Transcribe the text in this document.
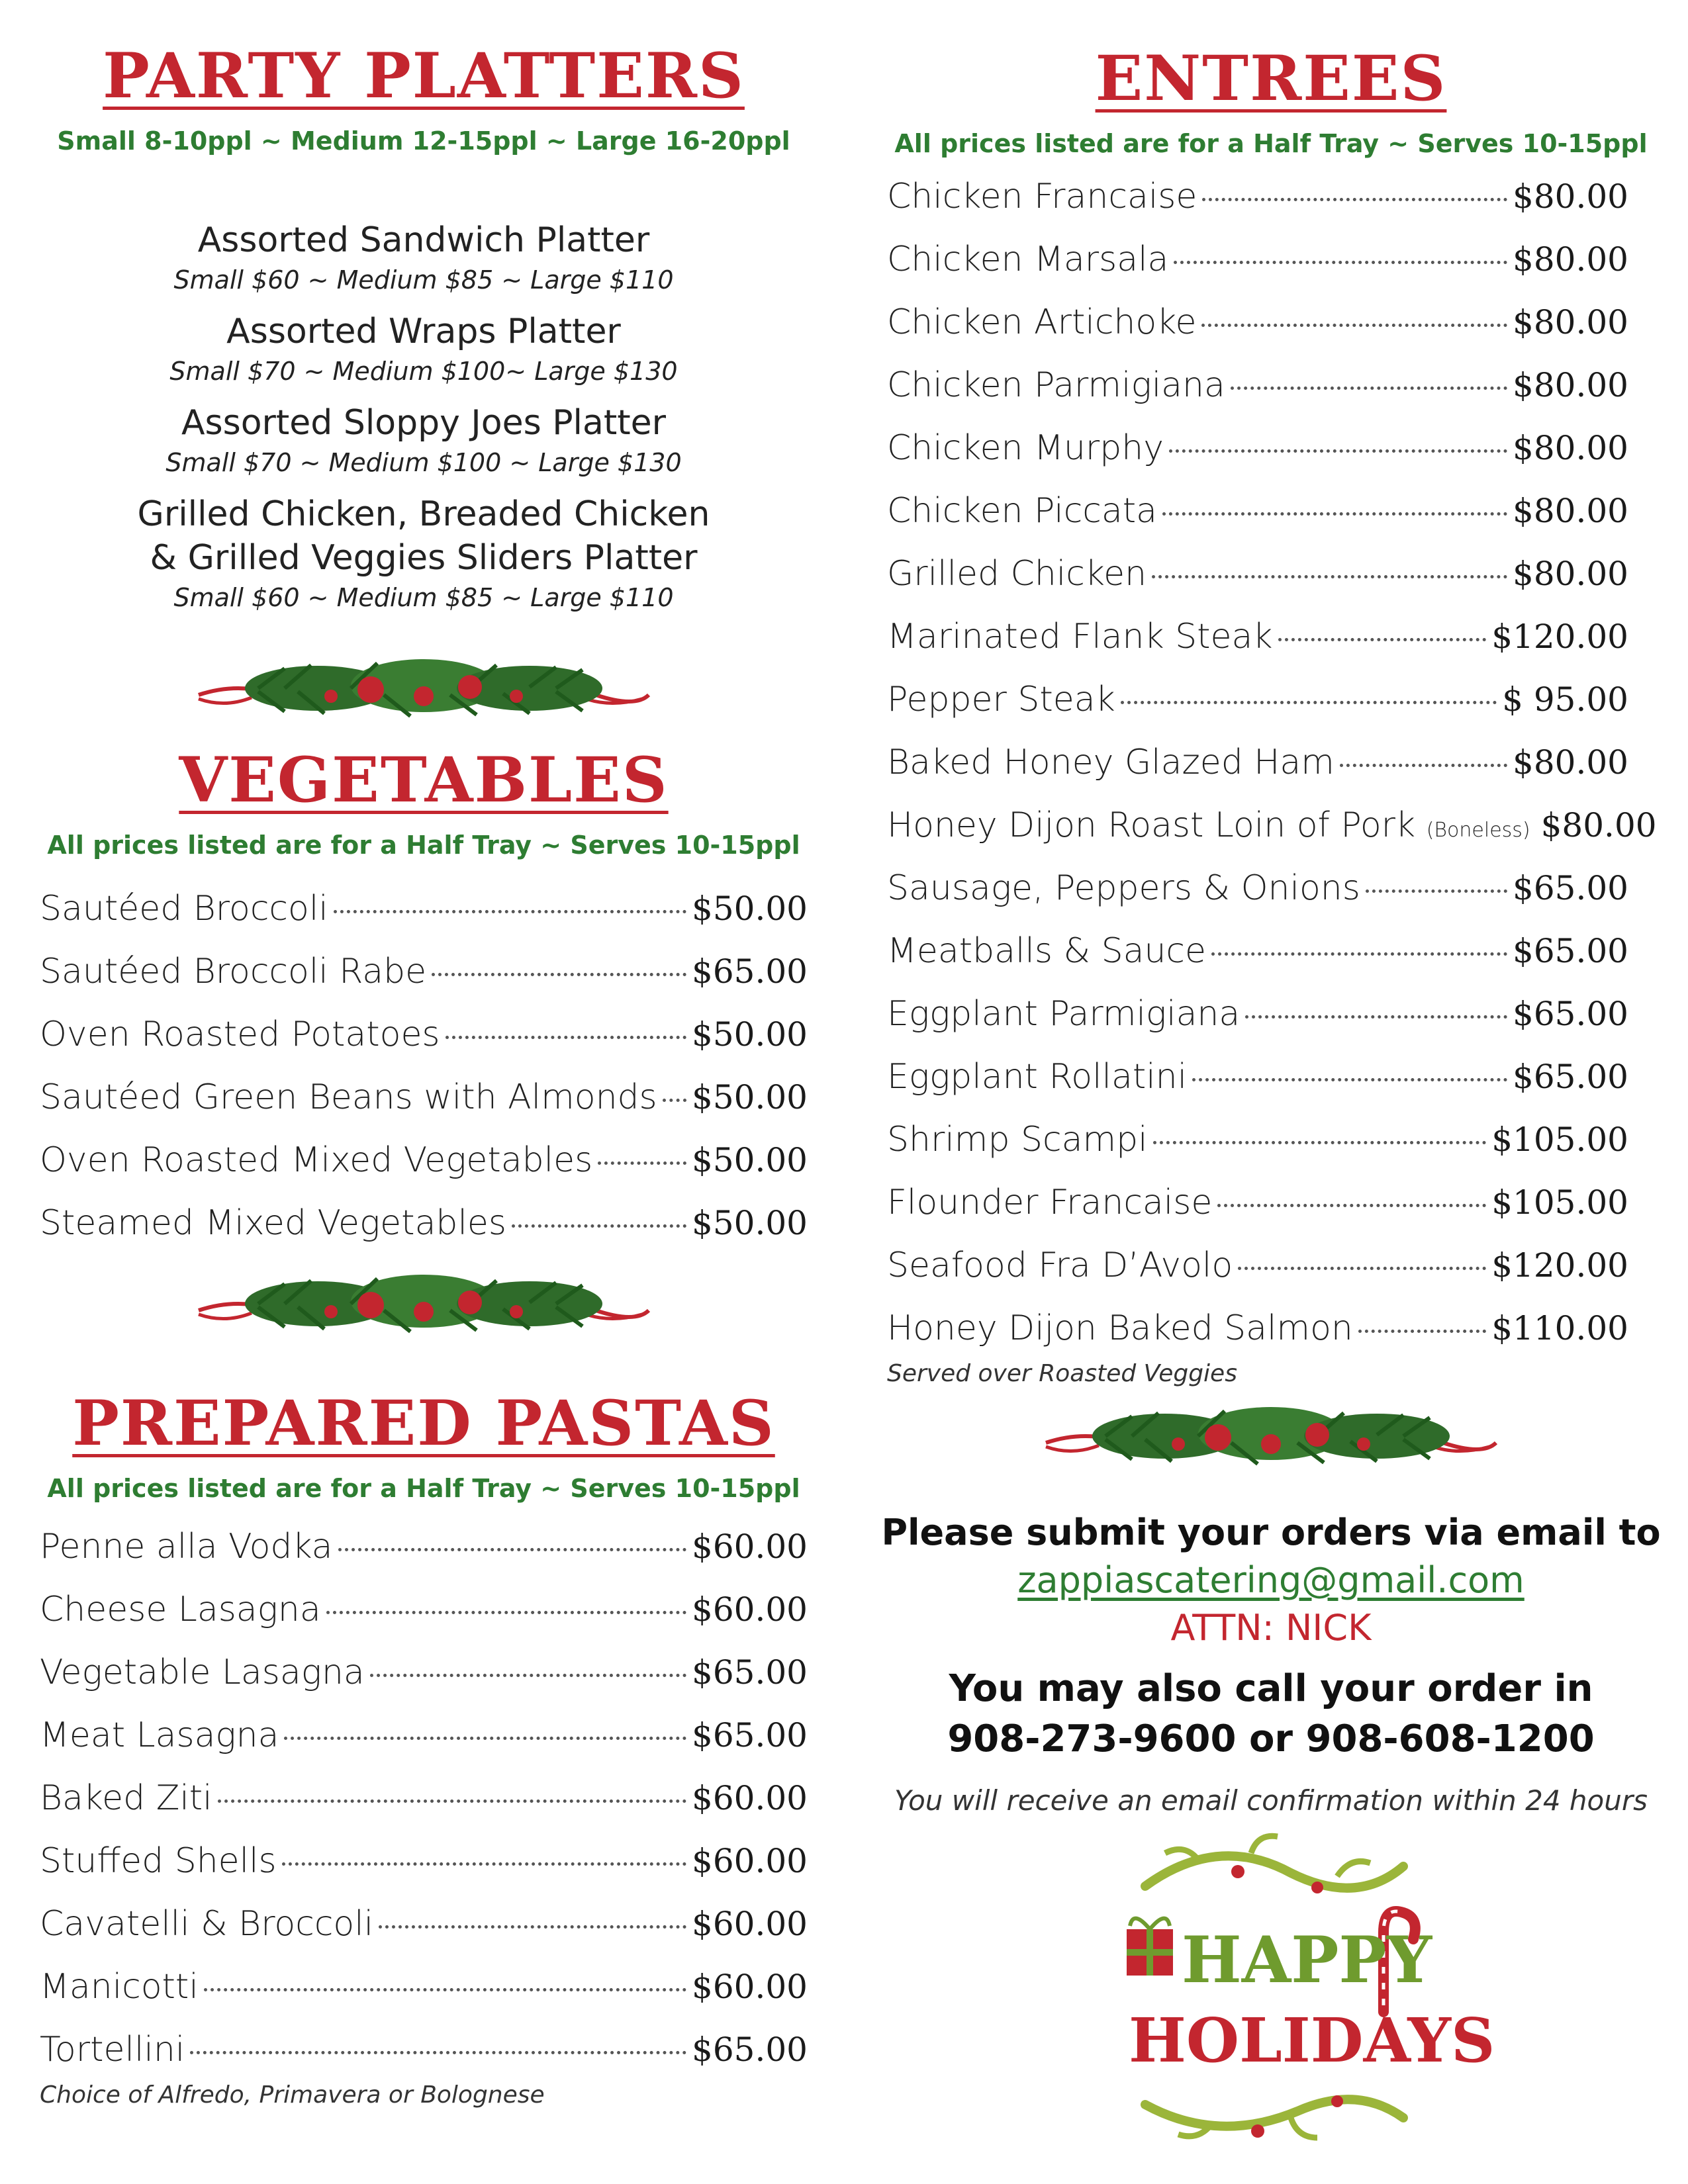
PARTY PLATTERS
Small 8-10ppl ~ Medium 12-15ppl ~ Large 16-20ppl
Assorted Sandwich Platter
Small $60 ~ Medium $85 ~ Large $110
Assorted Wraps Platter
Small $70 ~ Medium $100~ Large $130
Assorted Sloppy Joes Platter
Small $70 ~ Medium $100 ~ Large $130
Grilled Chicken, Breaded Chicken
& Grilled Veggies Sliders Platter
Small $60 ~ Medium $85 ~ Large $110
VEGETABLES
All prices listed are for a Half Tray ~ Serves 10-15ppl
Sautéed Broccoli	$50.00
Sautéed Broccoli Rabe	$65.00
Oven Roasted Potatoes	$50.00
Sautéed Green Beans with Almonds $50.00
Oven Roasted Mixed Vegetables	$50.00
Steamed Mixed Vegetables	$50.00
PREPARED PASTAS
All prices listed are for a Half Tray ~ Serves 10-15ppl
Penne alla Vodka	$60.00
Cheese Lasagna	$60.00
Vegetable Lasagna	$65.00
Meat Lasagna	$65.00
Baked Ziti	$60.00
Stuffed Shells	$60.00
Cavatelli & Broccoli	$60.00
Manicotti	$60.00
Tortellini	$65.00
Choice of Alfredo, Primavera or Bolognese
ENTREES
All prices listed are for a Half Tray ~ Serves 10-15ppl
Chicken Francaise	$80.00
Chicken Marsala	$80.00
Chicken Artichoke	$80.00
Chicken Parmigiana	$80.00
Chicken Murphy	$80.00
Chicken Piccata	$80.00
Grilled Chicken	$80.00
Marinated Flank Steak	$120.00
Pepper Steak	$ 95.00
Baked Honey Glazed Ham	$80.00
Honey Dijon Roast Loin of Pork (Boneless) $80.00
Sausage, Peppers & Onions	$65.00
Meatballs & Sauce	$65.00
Eggplant Parmigiana	$65.00
Eggplant Rollatini	$65.00
Shrimp Scampi	$105.00
Flounder Francaise	$105.00
Seafood Fra D’Avolo	$120.00
Honey Dijon Baked Salmon	$110.00
Served over Roasted Veggies
Please submit your orders via email to
zappiascatering@gmail.com
ATTN: NICK
You may also call your order in
908-273-9600 or 908-608-1200
You will receive an email confirmation within 24 hours
HAPPY
HOLIDAYS
